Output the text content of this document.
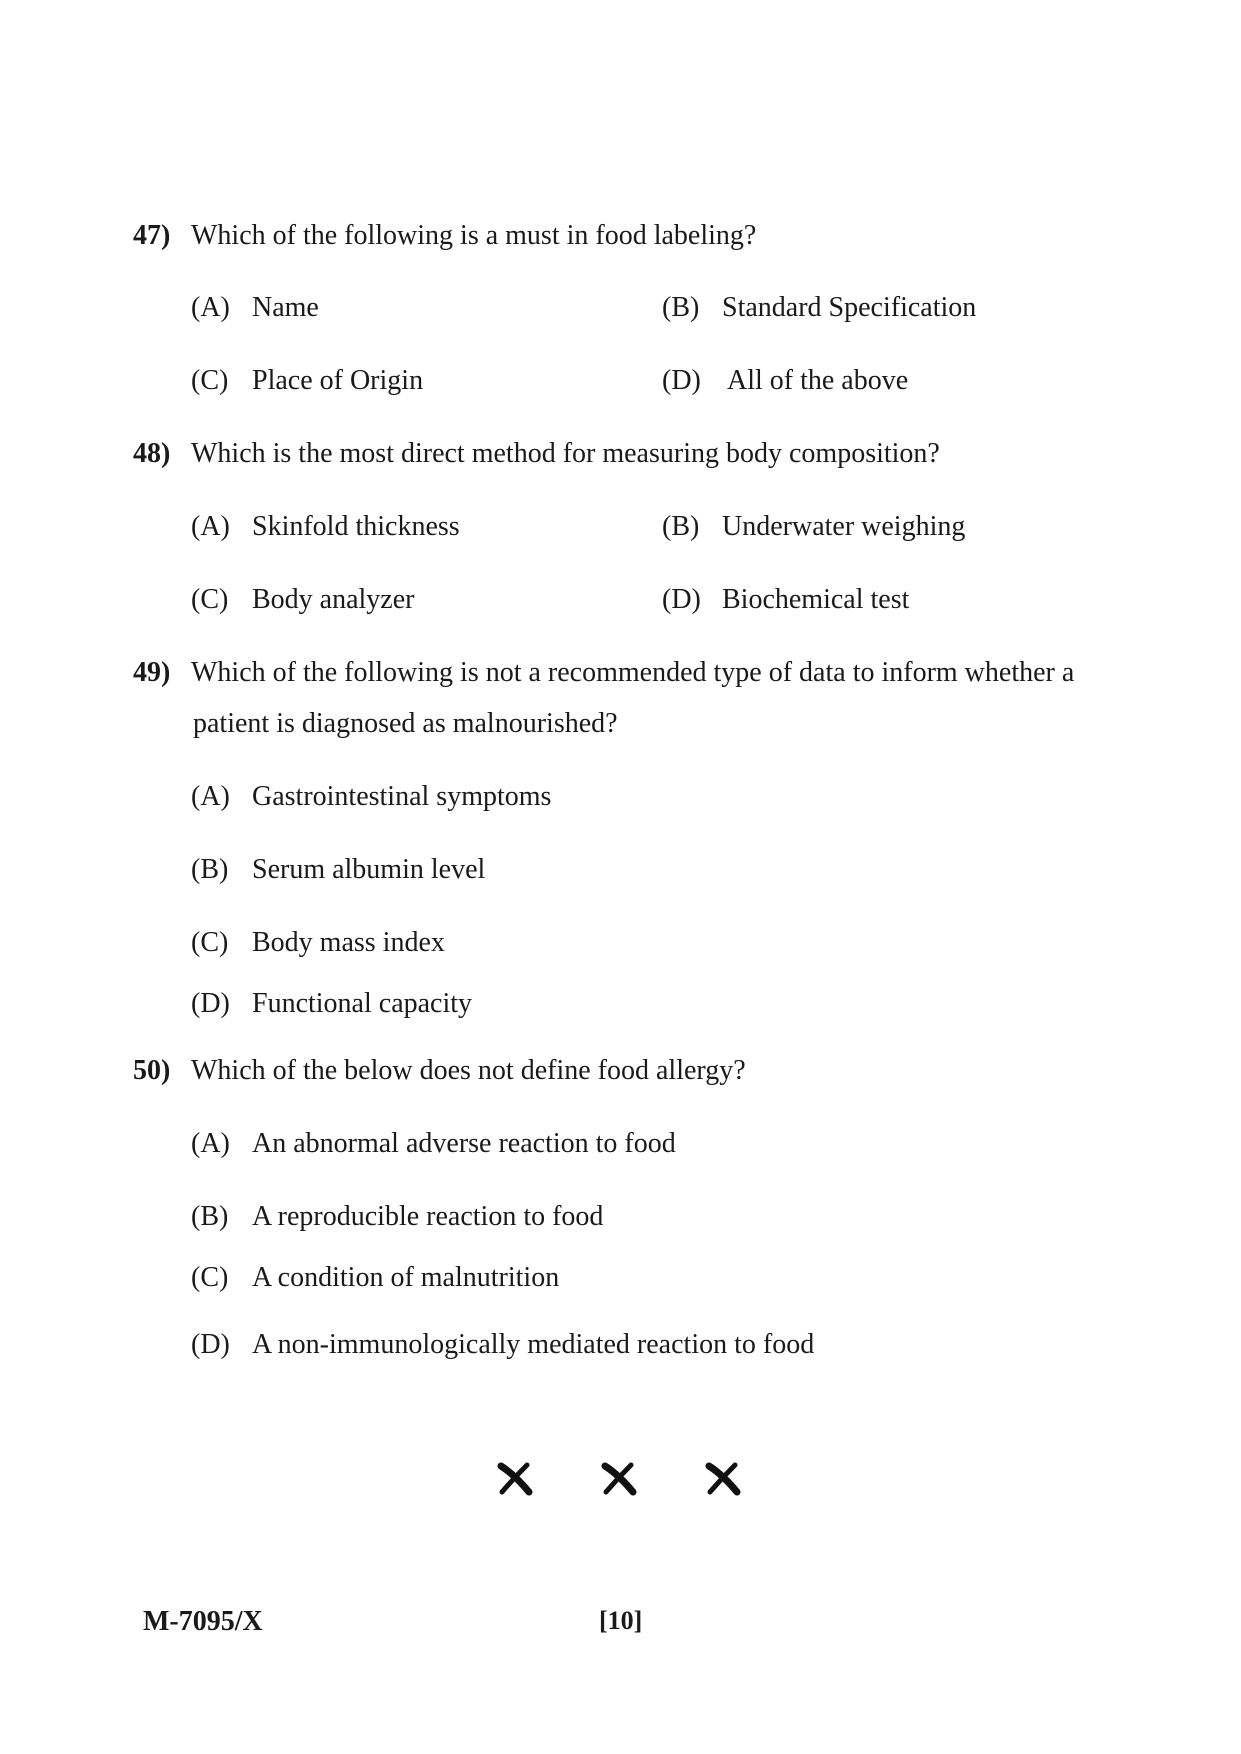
47) Which of the following is a must in food labeling?
(A) Name	(B) Standard Specification
(C) Place of Origin	(D) All of the above
48) Which is the most direct method for measuring body composition?
(A) Skinfold thickness	(B) Underwater weighing
(C) Body analyzer	(D) Biochemical test
49) Which of the following is not a recommended type of data to inform whether a
patient is diagnosed as malnourished?
(A) Gastrointestinal symptoms
(B) Serum albumin level
(C) Body mass index
(D) Functional capacity
50) Which of the below does not define food allergy?
(A) An abnormal adverse reaction to food
(B) A reproducible reaction to food
(C) A condition of malnutrition
(D) A non-immunologically mediated reaction to food
M-7095/X	[10]
